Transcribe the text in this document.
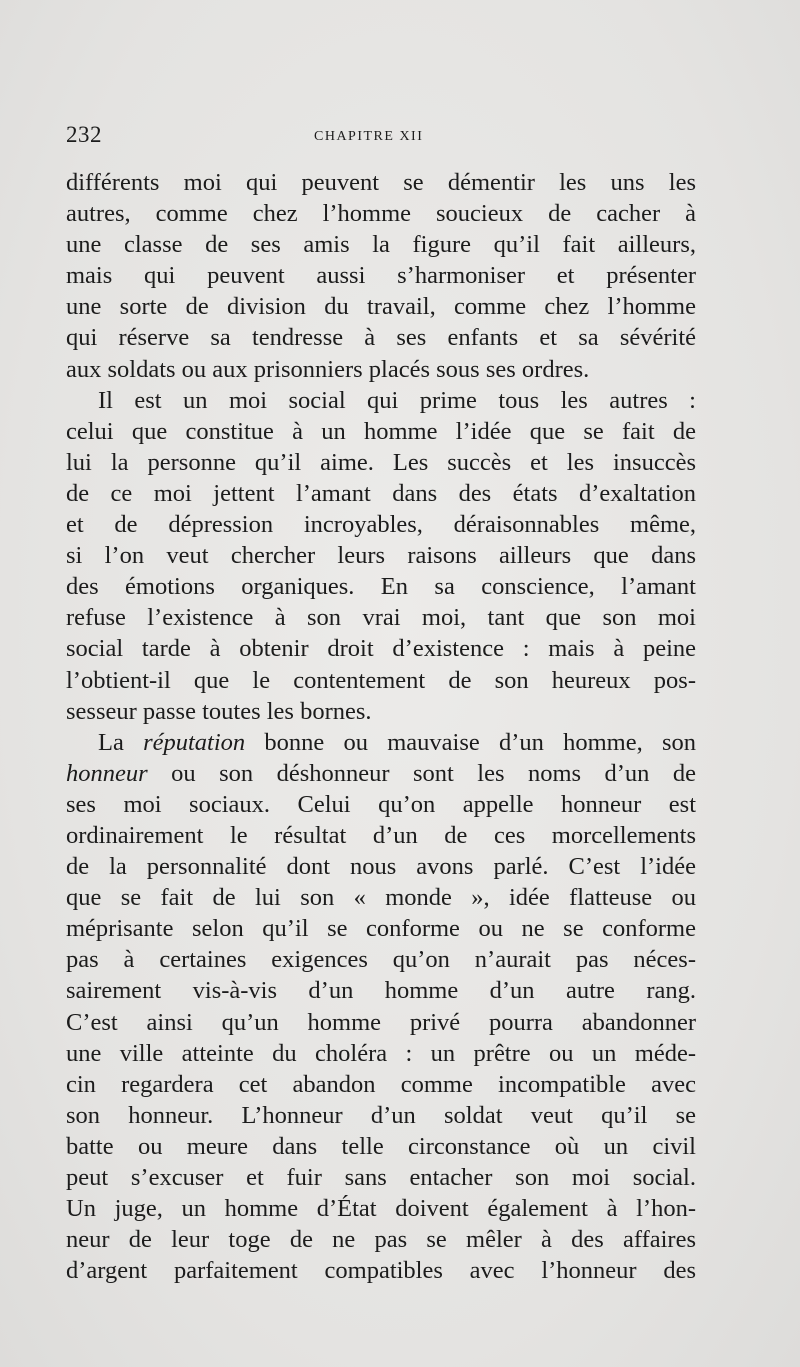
232	CHAPITRE XII
différents moi qui peuvent se démentir les uns les
autres, comme chez l’homme soucieux de cacher à
une classe de ses amis la figure qu’il fait ailleurs,
mais qui peuvent aussi s’harmoniser et présenter
une sorte de division du travail, comme chez l’homme
qui réserve sa tendresse à ses enfants et sa sévérité
aux soldats ou aux prisonniers placés sous ses ordres.
Il est un moi social qui prime tous les autres :
celui que constitue à un homme l’idée que se fait de
lui la personne qu’il aime. Les succès et les insuccès
de ce moi jettent l’amant dans des états d’exaltation
et de dépression incroyables, déraisonnables même,
si l’on veut chercher leurs raisons ailleurs que dans
des émotions organiques. En sa conscience, l’amant
refuse l’existence à son vrai moi, tant que son moi
social tarde à obtenir droit d’existence : mais à peine
l’obtient-il que le contentement de son heureux pos-
sesseur passe toutes les bornes.
La réputation bonne ou mauvaise d’un homme, son
honneur ou son déshonneur sont les noms d’un de
ses moi sociaux. Celui qu’on appelle honneur est
ordinairement le résultat d’un de ces morcellements
de la personnalité dont nous avons parlé. C’est l’idée
que se fait de lui son « monde », idée flatteuse ou
méprisante selon qu’il se conforme ou ne se conforme
pas à certaines exigences qu’on n’aurait pas néces-
sairement vis-à-vis d’un homme d’un autre rang.
C’est ainsi qu’un homme privé pourra abandonner
une ville atteinte du choléra : un prêtre ou un méde-
cin regardera cet abandon comme incompatible avec
son honneur. L’honneur d’un soldat veut qu’il se
batte ou meure dans telle circonstance où un civil
peut s’excuser et fuir sans entacher son moi social.
Un juge, un homme d’État doivent également à l’hon-
neur de leur toge de ne pas se mêler à des affaires
d’argent parfaitement compatibles avec l’honneur des
